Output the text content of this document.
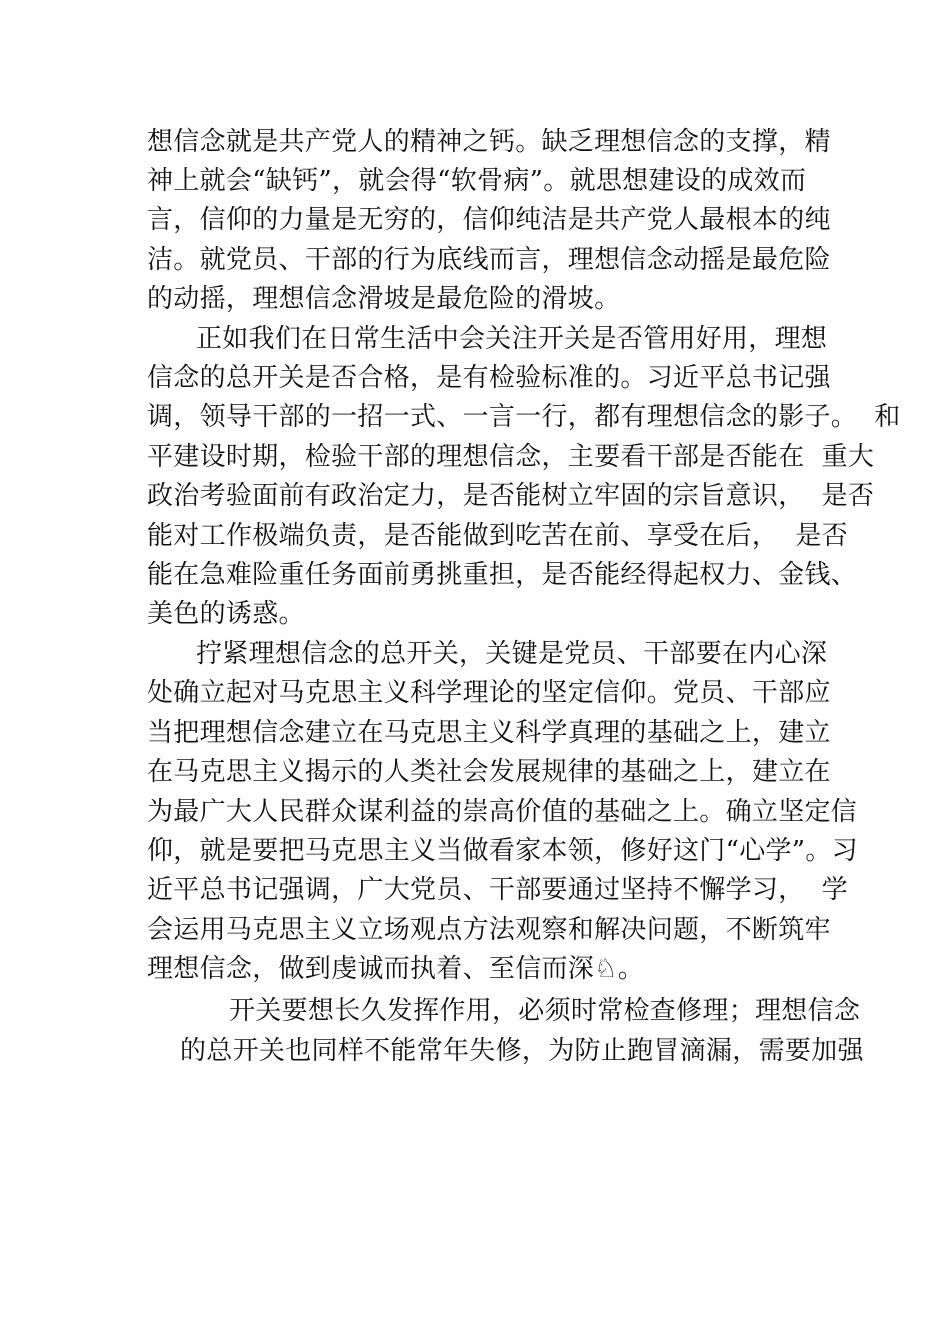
想信念就是共产党人的精神之钙。缺乏理想信念的支撑，精
神上就会“缺钙”，就会得“软骨病”。就思想建设的成效而
言，信仰的力量是无穷的，信仰纯洁是共产党人最根本的纯
洁。就党员、干部的行为底线而言，理想信念动摇是最危险
的动摇，理想信念滑坡是最危险的滑坡。
正如我们在日常生活中会关注开关是否管用好用，理想
信念的总开关是否合格，是有检验标准的。习近平总书记强
调，领导干部的一招一式、一言一行，都有理想信念的影子。  和
平建设时期，检验干部的理想信念，主要看干部是否能在  重大
政治考验面前有政治定力，是否能树立牢固的宗旨意识，  是否
能对工作极端负责，是否能做到吃苦在前、享受在后，  是否
能在急难险重任务面前勇挑重担，是否能经得起权力、金钱、
美色的诱惑。
拧紧理想信念的总开关，关键是党员、干部要在内心深
处确立起对马克思主义科学理论的坚定信仰。党员、干部应
当把理想信念建立在马克思主义科学真理的基础之上，建立
在马克思主义揭示的人类社会发展规律的基础之上，建立在
为最广大人民群众谋利益的崇高价值的基础之上。确立坚定信
仰，就是要把马克思主义当做看家本领，修好这门“心学”。习
近平总书记强调，广大党员、干部要通过坚持不懈学习，  学
会运用马克思主义立场观点方法观察和解决问题，不断筑牢
理想信念，做到虔诚而执着、至信而深♘。
开关要想长久发挥作用，必须时常检查修理；理想信念
的总开关也同样不能常年失修，为防止跑冒滴漏，需要加强
